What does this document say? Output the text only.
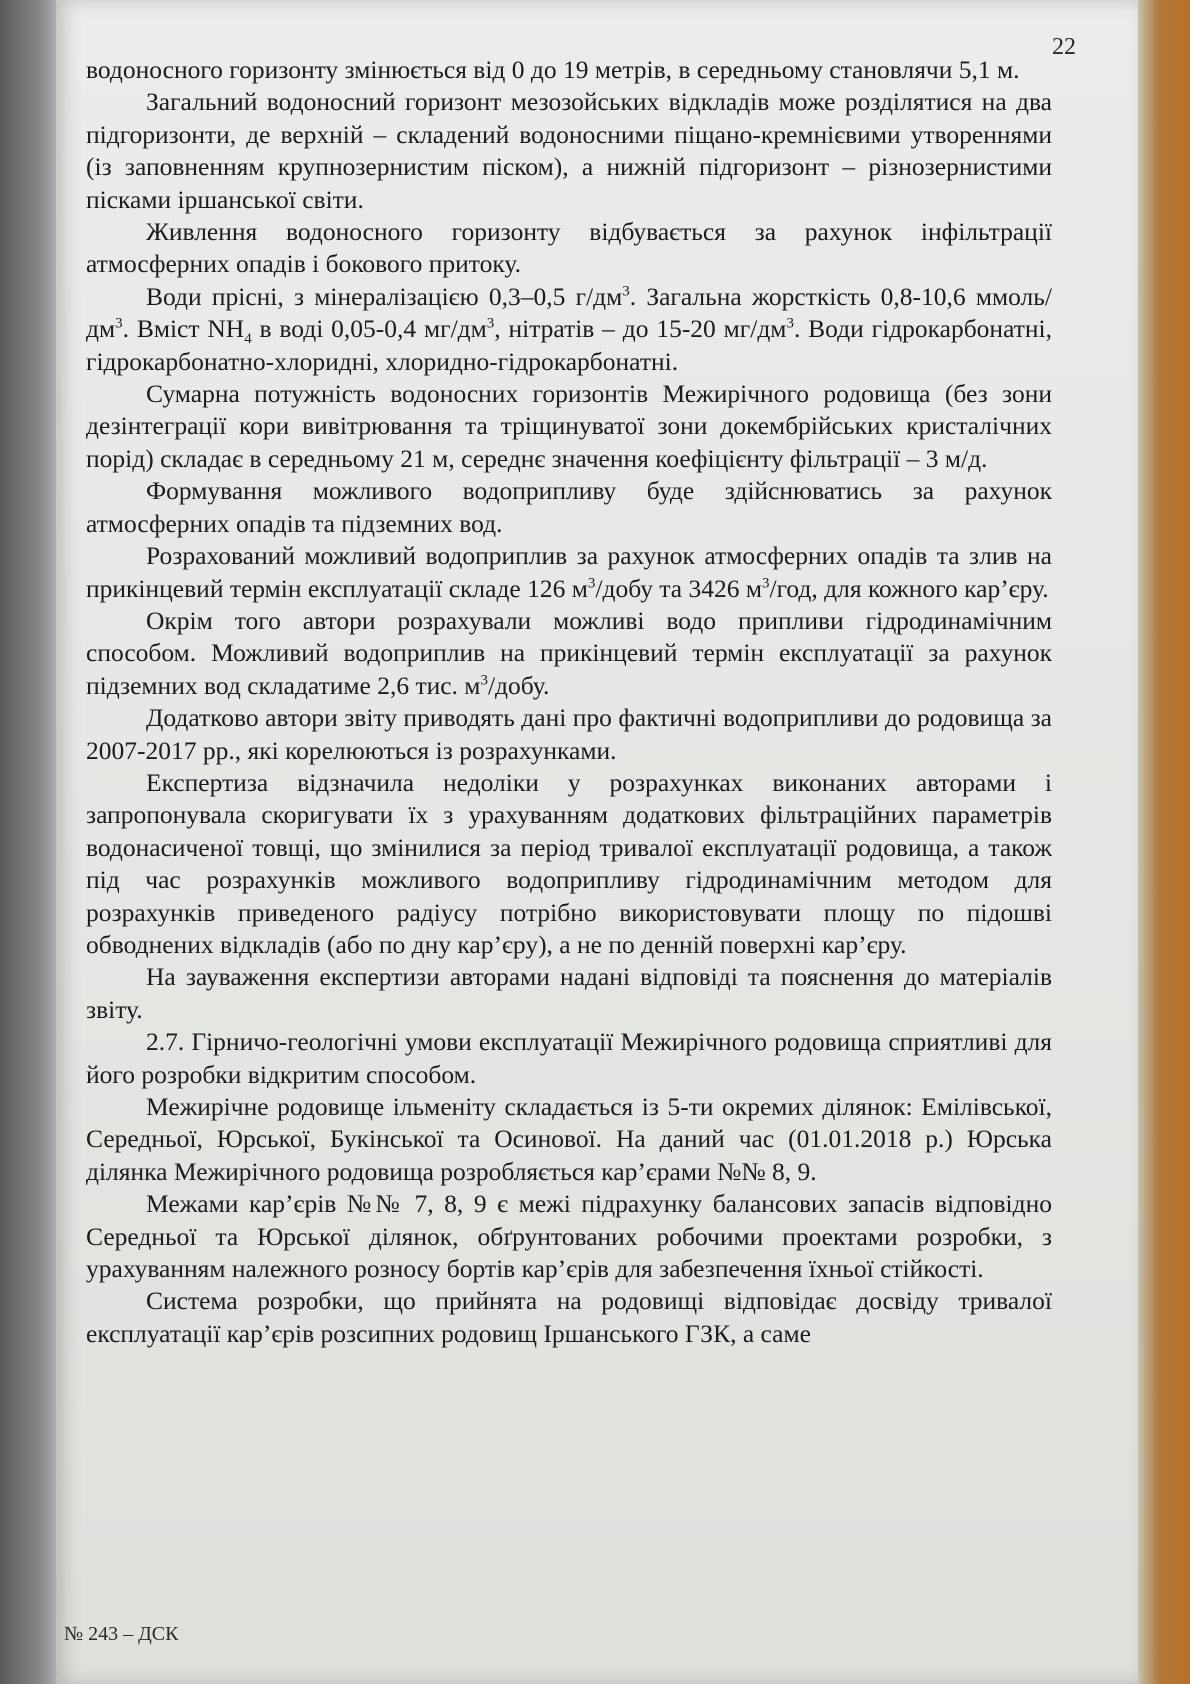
22

водоносного горизонту змінюється від 0 до 19 метрів, в середньому становлячи 5,1 м.

Загальний водоносний горизонт мезозойських відкладів може розділятися на два підгоризонти, де верхній – складений водоносними піщано-кремнієвими утвореннями (із заповненням крупнозернистим піском), а нижній підгоризонт – різнозернистими пісками іршанської світи.

Живлення водоносного горизонту відбувається за рахунок інфільтрації атмосферних опадів і бокового притоку.

Води прісні, з мінералізацією 0,3–0,5 $г/дм^3$. Загальна жорсткість 0,8-10,6 ммоль/$дм^3$. Вміст $NH_4$ в воді 0,05-0,4 $мг/дм^3$, нітратів – до 15-20 $мг/дм^3$. Води гідрокарбонатні, гідрокарбонатно-хлоридні, хлоридно-гідрокарбонатні.

Сумарна потужність водоносних горизонтів Межирічного родовища (без зони дезінтеграції кори вивітрювання та тріщинуватої зони докембрійських кристалічних порід) складає в середньому 21 м, середнє значення коефіцієнту фільтрації – 3 м/д.

Формування можливого водоприпливу буде здійснюватись за рахунок атмосферних опадів та підземних вод.

Розрахований можливий водоприплив за рахунок атмосферних опадів та злив на прикінцевий термін експлуатації складе 126 $м^3$/добу та 3426 $м^3$/год, для кожного кар’єру.

Окрім того автори розрахували можливі водо припливи гідродинамічним способом. Можливий водоприплив на прикінцевий термін експлуатації за рахунок підземних вод складатиме 2,6 тис. $м^3$/добу.

Додатково автори звіту приводять дані про фактичні водоприпливи до родовища за 2007-2017 рр., які корелюються із розрахунками.

Експертиза відзначила недоліки у розрахунках виконаних авторами і запропонувала скоригувати їх з урахуванням додаткових фільтраційних параметрів водонасиченої товщі, що змінилися за період тривалої експлуатації родовища, а також під час розрахунків можливого водоприпливу гідродинамічним методом для розрахунків приведеного радіусу потрібно використовувати площу по підошві обводнених відкладів (або по дну кар’єру), а не по денній поверхні кар’єру.

На зауваження експертизи авторами надані відповіді та пояснення до матеріалів звіту.

2.7. Гірничо-геологічні умови експлуатації Межирічного родовища сприятливі для його розробки відкритим способом.

Межирічне родовище ільменіту складається із 5-ти окремих ділянок: Емілівської, Середньої, Юрської, Букінської та Осинової. На даний час (01.01.2018 р.) Юрська ділянка Межирічного родовища розробляється кар’єрами №№ 8, 9.

Межами кар’єрів №№ 7, 8, 9 є межі підрахунку балансових запасів відповідно Середньої та Юрської ділянок, обґрунтованих робочими проектами розробки, з урахуванням належного розносу бортів кар’єрів для забезпечення їхньої стійкості.

Система розробки, що прийнята на родовищі відповідає досвіду тривалої експлуатації кар’єрів розсипних родовищ Іршанського ГЗК, а саме

№ 243 – ДСК
